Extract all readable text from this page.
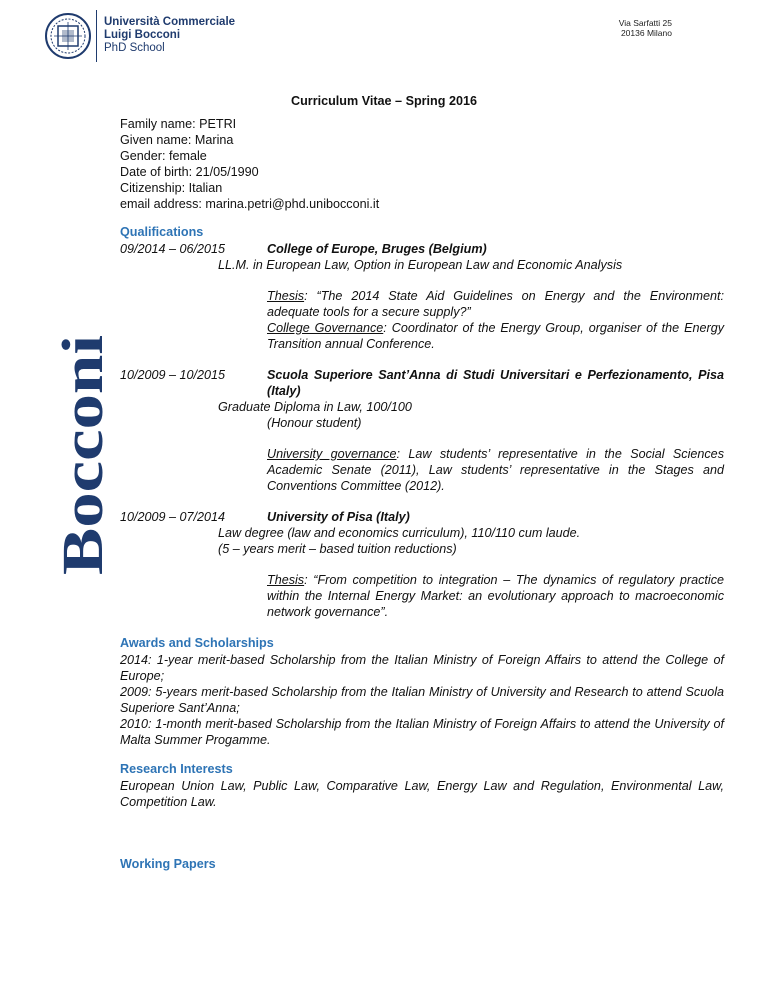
Università Commerciale
Luigi Bocconi
PhD School
Via Sarfatti 25
20136 Milano
Bocconi
Curriculum Vitae – Spring 2016
Family name: PETRI
Given name: Marina
Gender: female
Date of birth: 21/05/1990
Citizenship: Italian
email address: marina.petri@phd.unibocconi.it
Qualifications
09/2014 – 06/2015	College of Europe, Bruges (Belgium)
LL.M. in European Law, Option in European Law and Economic Analysis
Thesis: “The 2014 State Aid Guidelines on Energy and the Environment: adequate tools for a secure supply?”
College Governance: Coordinator of the Energy Group, organiser of the Energy Transition annual Conference.
10/2009 – 10/2015	Scuola Superiore Sant’Anna di Studi Universitari e Perfezionamento, Pisa (Italy)
Graduate Diploma in Law, 100/100
(Honour student)
University governance: Law students’ representative in the Social Sciences Academic Senate (2011), Law students’ representative in the Stages and Conventions Committee (2012).
10/2009 – 07/2014	University of Pisa (Italy)
Law degree (law and economics curriculum), 110/110 cum laude.
(5 – years merit – based tuition reductions)
Thesis: “From competition to integration – The dynamics of regulatory practice within the Internal Energy Market: an evolutionary approach to macroeconomic network governance”.
Awards and Scholarships
2014: 1-year merit-based Scholarship from the Italian Ministry of Foreign Affairs to attend the College of Europe;
2009: 5-years merit-based Scholarship from the Italian Ministry of University and Research to attend Scuola Superiore Sant’Anna;
2010: 1-month merit-based Scholarship from the Italian Ministry of Foreign Affairs to attend the University of Malta Summer Progamme.
Research Interests
European Union Law, Public Law, Comparative Law, Energy Law and Regulation, Environmental Law, Competition Law.
Working Papers
